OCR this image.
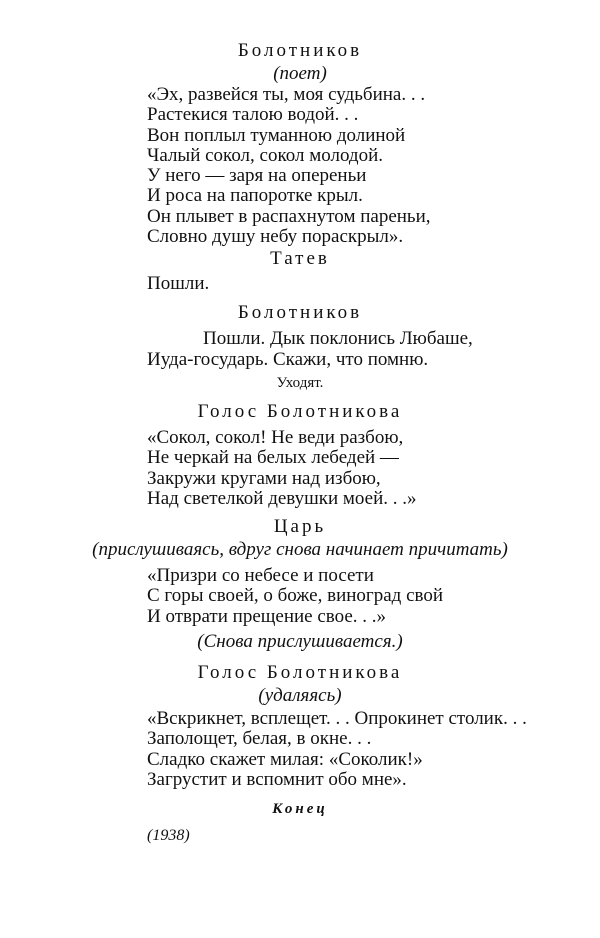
Болотников
(поет)
«Эх, развейся ты, моя судьбина. . .
Растекися талою водой. . .
Вон поплыл туманною долиной
Чалый сокол, сокол молодой.
У него — заря на опереньи
И роса на папоротке крыл.
Он плывет в распахнутом пареньи,
Словно душу небу пораскрыл».
Татев
Пошли.
Болотников
Пошли. Дык поклонись Любаше,
Иуда-государь. Скажи, что помню.
Уходят.
Голос Болотникова
«Сокол, сокол! Не веди разбою,
Не черкай на белых лебедей —
Закружи кругами над избою,
Над светелкой девушки моей. . .»
Царь
(прислушиваясь, вдруг снова начинает причитать)
«Призри со небесе и посети
С горы своей, о боже, виноград свой
И отврати прещение свое. . .»
(Снова прислушивается.)
Голос Болотникова
(удаляясь)
«Вскрикнет, всплещет. . . Опрокинет столик. . .
Заполощет, белая, в окне. . .
Сладко скажет милая: «Соколик!»
Загрустит и вспомнит обо мне».
Конец
(1938)
